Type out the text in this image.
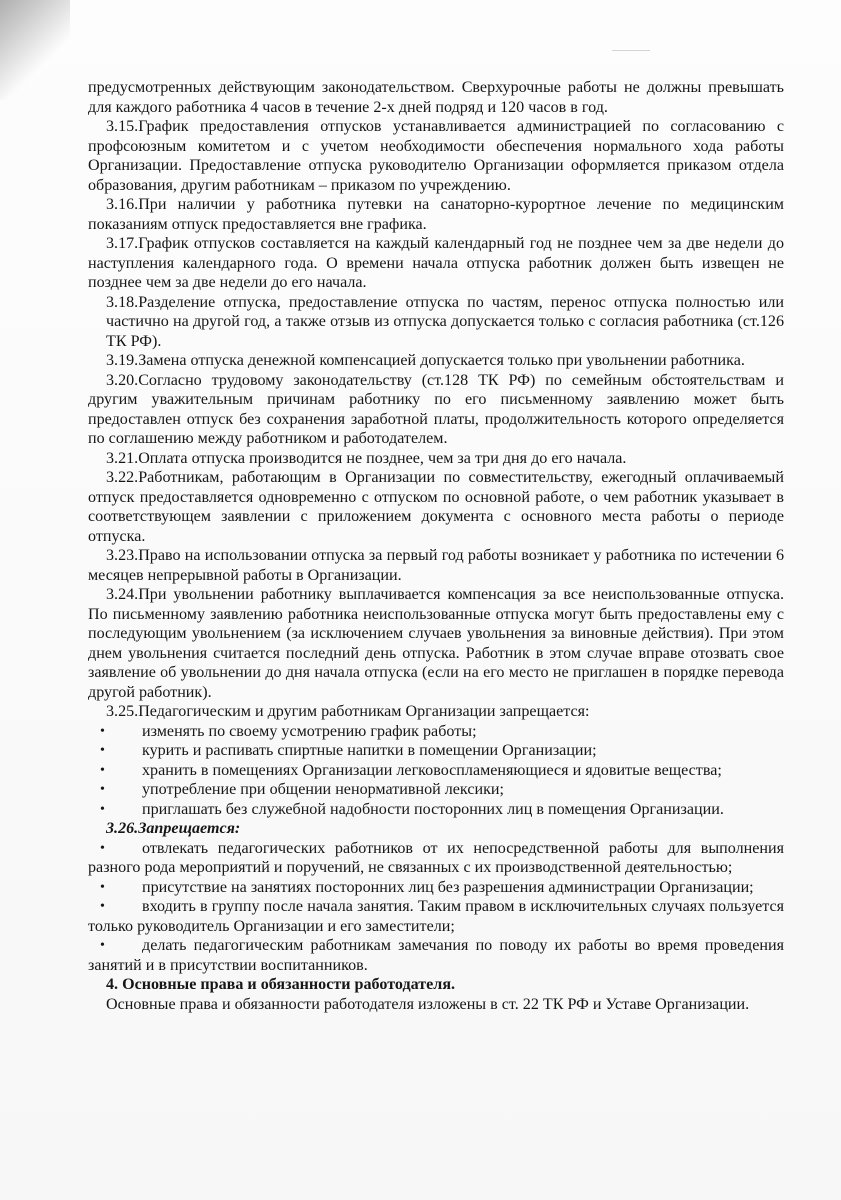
предусмотренных действующим законодательством. Сверхурочные работы не должны превышать для каждого работника 4 часов в течение 2-х дней подряд и 120 часов в год.

3.15.График предоставления отпусков устанавливается администрацией по согласованию с профсоюзным комитетом и с учетом необходимости обеспечения нормального хода работы Организации. Предоставление отпуска руководителю Организации оформляется приказом отдела образования, другим работникам – приказом по учреждению.

3.16.При наличии у работника путевки на санаторно-курортное лечение по медицинским показаниям отпуск предоставляется вне графика.

3.17.График отпусков составляется на каждый календарный год не позднее чем за две недели до наступления календарного года. О времени начала отпуска работник должен быть извещен не позднее чем за две недели до его начала.

3.18.Разделение отпуска, предоставление отпуска по частям, перенос отпуска полностью или частично на другой год, а также отзыв из отпуска допускается только с согласия работника (ст.126 ТК РФ).

3.19.Замена отпуска денежной компенсацией допускается только при увольнении работника.

3.20.Согласно трудовому законодательству (ст.128 ТК РФ) по семейным обстоятельствам и другим уважительным причинам работнику по его письменному заявлению может быть предоставлен отпуск без сохранения заработной платы, продолжительность которого определяется по соглашению между работником и работодателем.

3.21.Оплата отпуска производится не позднее, чем за три дня до его начала.

3.22.Работникам, работающим в Организации по совместительству, ежегодный оплачиваемый отпуск предоставляется одновременно с отпуском по основной работе, о чем работник указывает в соответствующем заявлении с приложением документа с основного места работы о периоде отпуска.

3.23.Право на использовании отпуска за первый год работы возникает у работника по истечении 6 месяцев непрерывной работы в Организации.

3.24.При увольнении работнику выплачивается компенсация за все неиспользованные отпуска. По письменному заявлению работника неиспользованные отпуска могут быть предоставлены ему с последующим увольнением (за исключением случаев увольнения за виновные действия). При этом днем увольнения считается последний день отпуска. Работник в этом случае вправе отозвать свое заявление об увольнении до дня начала отпуска (если на его место не приглашен в порядке перевода другой работник).

3.25.Педагогическим и другим работникам Организации запрещается:

• изменять по своему усмотрению график работы;

• курить и распивать спиртные напитки в помещении Организации;

• хранить в помещениях Организации легковоспламеняющиеся и ядовитые вещества;

• употребление при общении ненормативной лексики;

• приглашать без служебной надобности посторонних лиц в помещения Организации.

3.26.Запрещается:

• отвлекать педагогических работников от их непосредственной работы для выполнения разного рода мероприятий и поручений, не связанных с их производственной деятельностью;

• присутствие на занятиях посторонних лиц без разрешения администрации Организации;

• входить в группу после начала занятия. Таким правом в исключительных случаях пользуется только руководитель Организации и его заместители;

• делать педагогическим работникам замечания по поводу их работы во время проведения занятий и в присутствии воспитанников.

4. Основные права и обязанности работодателя.

Основные права и обязанности работодателя изложены в ст. 22 ТК РФ и Уставе Организации.
